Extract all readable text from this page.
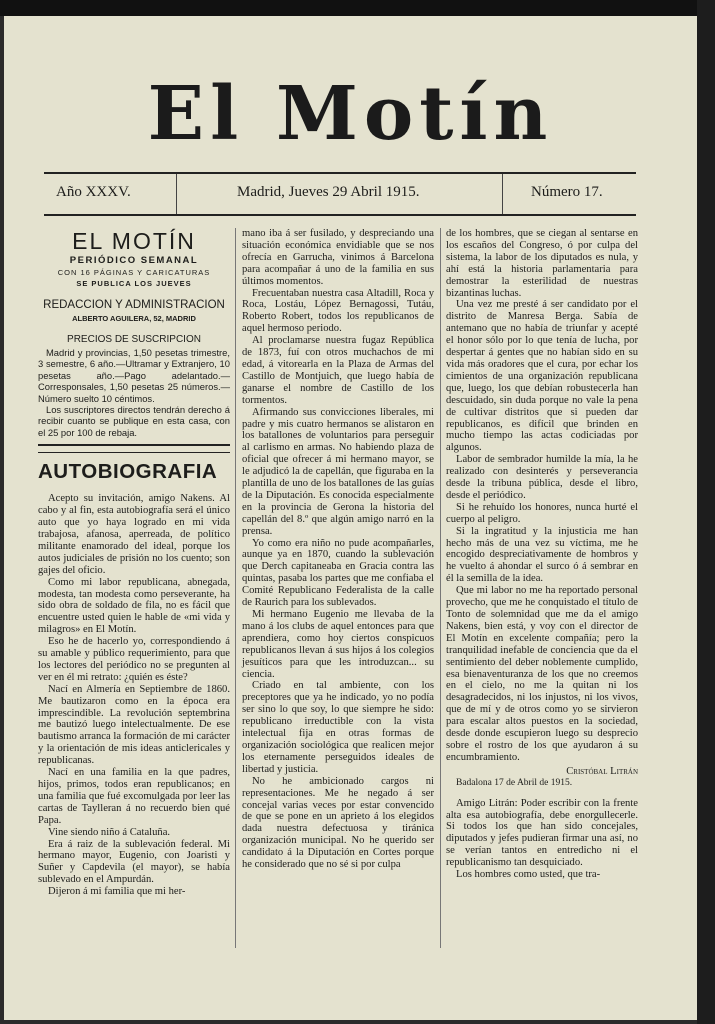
El Motín
Año XXXV.	Madrid, Jueves 29 Abril 1915.	Número 17.
EL MOTÍN
PERIÓDICO SEMANAL
CON 16 PÁGINAS Y CARICATURAS
SE PUBLICA LOS JUEVES
REDACCION Y ADMINISTRACION
ALBERTO AGUILERA, 52, MADRID
PRECIOS DE SUSCRIPCION

Madrid y provincias, 1,50 pesetas trimestre, 3 semestre, 6 año.—Ultramar y Extranjero, 10 pesetas año.—Pago adelantado.—Corresponsales, 1,50 pesetas 25 números.—Número suelto 10 céntimos.

Los suscriptores directos tendrán derecho á recibir cuanto se publique en esta casa, con el 25 por 100 de rebaja.

AUTOBIOGRAFIA

Acepto su invitación, amigo Nakens. Al cabo y al fin, esta autobiografía será el único auto que yo haya logrado en mi vida trabajosa, afanosa, aperreada, de político militante enamorado del ideal, porque los autos judiciales de prisión no los cuento; son gajes del oficio.

Como mi labor republicana, abnegada, modesta, tan modesta como perseverante, ha sido obra de soldado de fila, no es fácil que encuentre usted quien le hable de «mi vida y milagros» en El Motín.

Eso he de hacerlo yo, correspondiendo á su amable y público requerimiento, para que los lectores del periódico no se pregunten al ver en él mi retrato: ¿quién es éste?

Nací en Almería en Septiembre de 1860. Me bautizaron como en la época era imprescindible. La revolución septembrina me bautizó luego intelectualmente. De ese bautismo arranca la formación de mi carácter y la orientación de mis ideas anticlericales y republicanas.

Nací en una familia en la que padres, hijos, primos, todos eran republicanos; en una familia que fué excomulgada por leer las cartas de Taylleran á no recuerdo bien qué Papa.

Vine siendo niño á Cataluña.

Era á raiz de la sublevación federal. Mi hermano mayor, Eugenio, con Joaristi y Suñer y Capdevila (el mayor), se había sublevado en el Ampurdán.

Dijeron á mi familia que mi her-

mano iba á ser fusilado, y despreciando una situación económica envidiable que se nos ofrecía en Garrucha, vinimos á Barcelona para acompañar á uno de la familia en sus últimos momentos.

Frecuentaban nuestra casa Altadill, Roca y Roca, Lostáu, López Bernagossi, Tutáu, Roberto Robert, todos los republicanos de aquel hermoso periodo.

Al proclamarse nuestra fugaz República de 1873, fuí con otros muchachos de mi edad, á vitorearla en la Plaza de Armas del Castillo de Montjuich, que luego había de ganarse el nombre de Castillo de los tormentos.

Afirmando sus convicciones liberales, mi padre y mis cuatro hermanos se alistaron en los batallones de voluntarios para perseguir al carlismo en armas. No habiendo plaza de oficial que ofrecer á mi hermano mayor, se le adjudicó la de capellán, que figuraba en la plantilla de uno de los batallones de las guías de la Diputación. Es conocida especialmente en la provincia de Gerona la historia del capellán del 8.º que algún amigo narró en la prensa.

Yo como era niño no pude acompañarles, aunque ya en 1870, cuando la sublevación que Derch capitaneaba en Gracia contra las quintas, pasaba los partes que me confiaba el Comité Republicano Federalista de la calle de Raurich para los sublevados.

Mi hermano Eugenio me llevaba de la mano á los clubs de aquel entonces para que aprendiera, como hoy ciertos conspicuos republicanos llevan á sus hijos á los colegios jesuíticos para que les introduzcan... su ciencia.

Criado en tal ambiente, con los preceptores que ya he indicado, yo no podía ser sino lo que soy, lo que siempre he sido: republicano irreductible con la vista intelectual fija en otras formas de organización sociológica que realicen mejor los eternamente perseguidos ideales de libertad y justicia.

No he ambicionado cargos ni representaciones. Me he negado á ser concejal varias veces por estar convencido de que se pone en un aprieto á los elegidos dada nuestra defectuosa y tiránica organización municipal. No he querido ser candidato á la Diputación en Cortes porque he considerado que no sé si por culpa

de los hombres, que se ciegan al sentarse en los escaños del Congreso, ó por culpa del sistema, la labor de los diputados es nula, y ahí está la historia parlamentaria para demostrar la esterilidad de nuestras bizantinas luchas.

Una vez me presté á ser candidato por el distrito de Manresa Berga. Sabía de antemano que no había de triunfar y acepté el honor sólo por lo que tenía de lucha, por despertar á gentes que no habían sido en su vida más oradores que el cura, por echar los cimientos de una organización republicana que, luego, los que debían robustecerla han descuidado, sin duda porque no vale la pena de cultivar distritos que si pueden dar republicanos, es difícil que brinden en mucho tiempo las actas codiciadas por algunos.

Labor de sembrador humilde la mía, la he realizado con desinterés y perseverancia desde la tribuna pública, desde el libro, desde el periódico.

Si he rehuído los honores, nunca hurté el cuerpo al peligro.

Si la ingratitud y la injusticia me han hecho más de una vez su víctima, me he encogido despreciativamente de hombros y he vuelto á ahondar el surco ó á sembrar en él la semilla de la idea.

Que mi labor no me ha reportado personal provecho, que me he conquistado el título de Tonto de solemnidad que me da el amigo Nakens, bien está, y voy con el director de El Motín en excelente compañía; pero la tranquilidad inefable de conciencia que da el sentimiento del deber noblemente cumplido, esa bienaventuranza de los que no creemos en el cielo, no me la quitan ni los desagradecidos, ni los injustos, ni los vivos, que de mí y de otros como yo se sirvieron para escalar altos puestos en la sociedad, desde donde escupieron luego su desprecio sobre el rostro de los que ayudaron á su encumbramiento.

Cristóbal Litrán

Badalona 17 de Abril de 1915.

Amigo Litrán: Poder escribir con la frente alta esa autobiografía, debe enorgullecerle. Si todos los que han sido concejales, diputados y jefes pudieran firmar una así, no se verían tantos en entredicho ni el republicanismo tan desquiciado.

Los hombres como usted, que tra-
